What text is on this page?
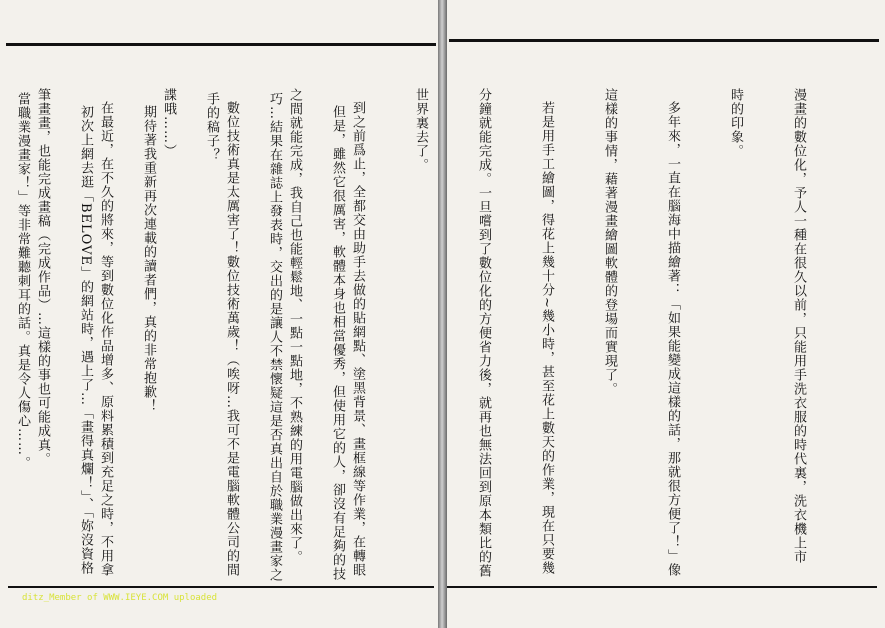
但是，雖然它很厲害，軟體本身也相當優秀，但使用它的人，卻沒有足夠的技

巧…結果在雜誌上發表時，交出的是讓人不禁懷疑這是否真出自於職業漫畫家之

手的稿子？

期待著我重新再次連載的讀者們，真的非常抱歉！

初次上網去逛「BELOVE」的網站時，遇上了…「畫得真爛！」、「妳沒資格

當職業漫畫家！」等非常難聽刺耳的話。真是令人傷心……。

ditz_Member of WWW.IEYE.COM uploaded

漫畫的數位化，予人一種在很久以前，只能用手洗衣服的時代裏，洗衣機上市

時的印象。

多年來，一直在腦海中描繪著：「如果能變成這樣的話，那就很方便了！」像

這樣的事情，藉著漫畫繪圖軟體的登場而實現了。

若是用手工繪圖，得花上幾十分∼幾小時，甚至花上數天的作業，現在只要幾

分鐘就能完成。一旦嚐到了數位化的方便省力後，就再也無法回到原本類比的舊

世界裏去了。

到之前爲止，全都交由助手去做的貼網點、塗黑背景、畫框線等作業，在轉眼

之間就能完成，我自己也能輕鬆地、一點一點地，不熟練的用電腦做出來了。

數位技術真是太厲害了！數位技術萬歲！（唉呀…我可不是電腦軟體公司的間

諜哦……）

在最近，在不久的將來，等到數位化作品增多、原料累積到充足之時，不用拿

筆畫畫，也能完成畫稿（完成作品）…這樣的事也可能成真。
